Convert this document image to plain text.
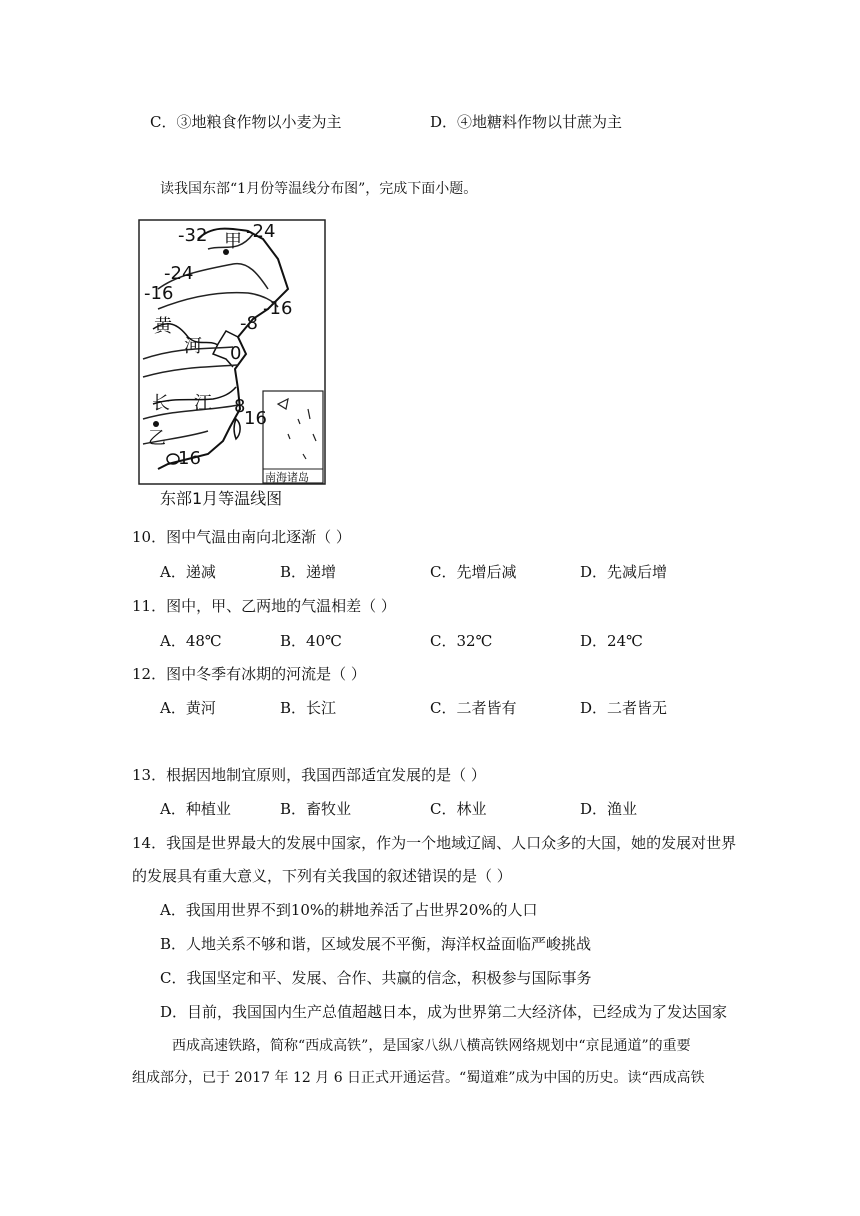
C．③地粮食作物以小麦为主	D．④地糖料作物以甘蔗为主
读我国东部“1月份等温线分布图”，完成下面小题。
-32 甲 -24
-24
-16
-16
黄	-8
河 0
长 江 8
16
乙
16
南海诸岛
东部1月等温线图
10．图中气温由南向北逐渐（ ）
A．递减	B．递增	C．先增后减	D．先减后增
11．图中，甲、乙两地的气温相差（ ）
A．48℃	B．40℃	C．32℃	D．24℃
12．图中冬季有冰期的河流是（ ）
A．黄河	B．长江	C．二者皆有	D．二者皆无
13．根据因地制宜原则，我国西部适宜发展的是（ ）
A．种植业	B．畜牧业	C．林业	D．渔业
14．我国是世界最大的发展中国家，作为一个地域辽阔、人口众多的大国，她的发展对世界
的发展具有重大意义，下列有关我国的叙述错误的是（ ）
A．我国用世界不到10%的耕地养活了占世界20%的人口
B．人地关系不够和谐，区域发展不平衡，海洋权益面临严峻挑战
C．我国坚定和平、发展、合作、共赢的信念，积极参与国际事务
D．目前，我国国内生产总值超越日本，成为世界第二大经济体，已经成为了发达国家
西成高速铁路，简称“西成高铁”，是国家八纵八横高铁网络规划中“京昆通道”的重要
组成部分，已于 2017 年 12 月 6 日正式开通运营。“蜀道难”成为中国的历史。读“西成高铁
